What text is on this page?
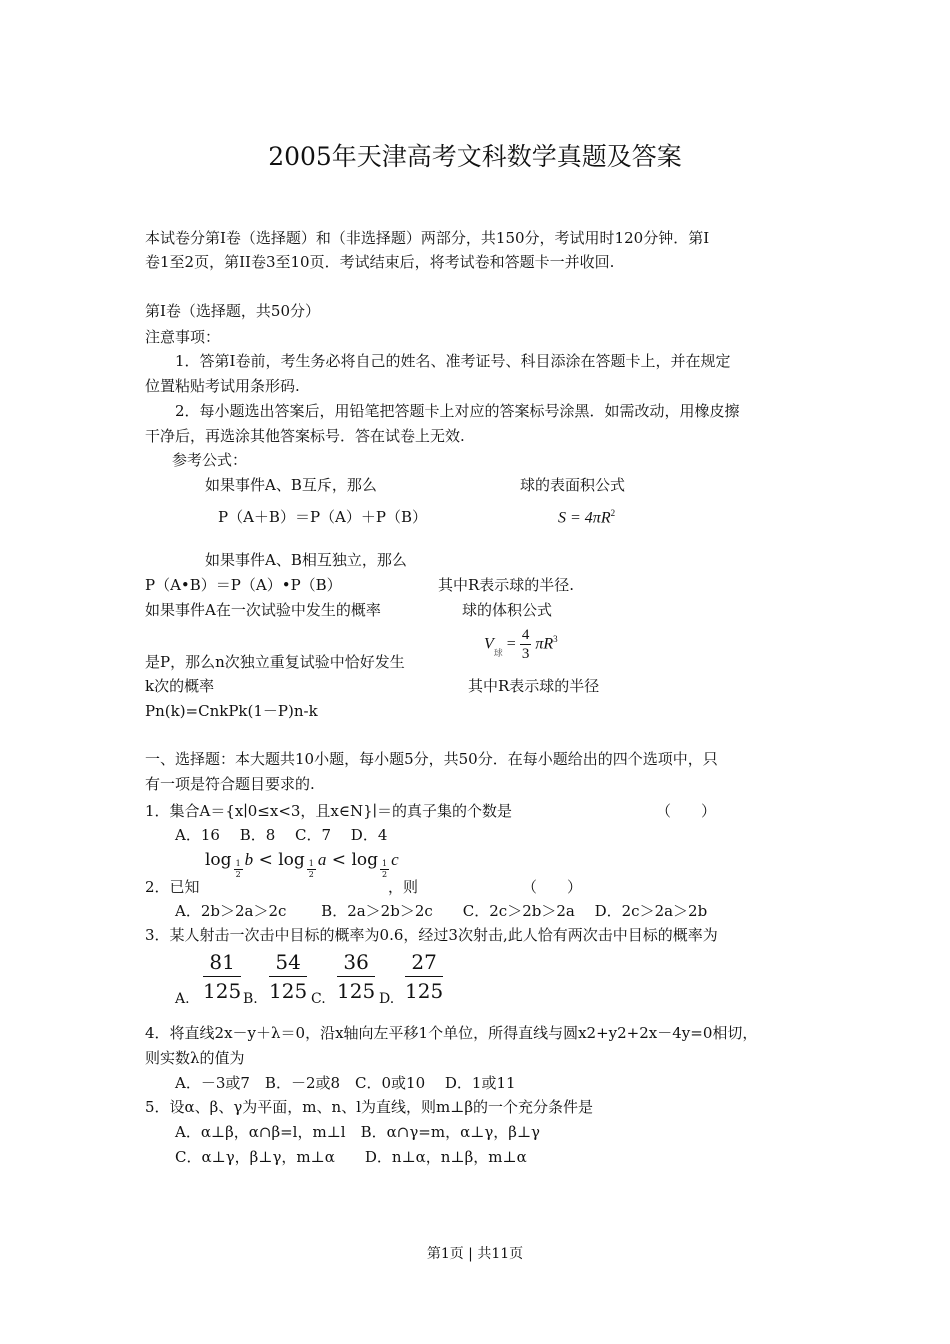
2005年天津高考文科数学真题及答案
本试卷分第Ⅰ卷（选择题）和（非选择题）两部分，共150分，考试用时120分钟．第Ⅰ
卷1至2页，第II卷3至10页．考试结束后，将考试卷和答题卡一并收回.
第Ⅰ卷（选择题，共50分）
注意事项：
1．答第Ⅰ卷前，考生务必将自己的姓名、准考证号、科目添涂在答题卡上，并在规定
位置粘贴考试用条形码.
2．每小题选出答案后，用铅笔把答题卡上对应的答案标号涂黑．如需改动，用橡皮擦
干净后，再选涂其他答案标号．答在试卷上无效.
参考公式：
如果事件A、B互斥，那么	球的表面积公式
P（A＋B）＝P（A）＋P（B）	$S = 4\pi R^2$
如果事件A、B相互独立，那么
P（A•B）＝P（A）•P（B）	其中R表示球的半径.
如果事件A在一次试验中发生的概率	球的体积公式
$V_球 = \frac{4}{3} \pi R^3$
是P，那么n次独立重复试验中恰好发生
k次的概率	其中R表示球的半径
Pn(k)=CnkPk(1－P)n-k
一、选择题：本大题共10小题，每小题5分，共50分．在每小题给出的四个选项中，只
有一项是符合题目要求的.
1．集合A＝{x∣0≤x<3，且x∈N}∣＝的真子集的个数是	（　　）
A．16　 B．8　 C．7　 D．4
$\log \frac{1}{2}$ $b < \log \frac{1}{2}$ $a < \log \frac{1}{2}$ c
2．已知	，则	（　　）
A．2b＞2a＞2c　　 B．2a＞2b＞2c　　C．2c＞2b＞2a　 D．2c＞2a＞2b
3．某人射击一次击中目标的概率为0.6，经过3次射击,此人恰有两次击中目标的概率为
A. $\frac{81}{125} B$. $\frac{54}{125} C$. $\frac{36}{125} D$. $\frac{27}{125}$
4．将直线2x－y＋λ＝0，沿x轴向左平移1个单位，所得直线与圆x2+y2+2x－4y=0相切，
则实数λ的值为
A．－3或7　B．－2或8　C．0或10　 D．1或11
5．设α、β、γ为平面，m、n、l为直线，则m⊥β的一个充分条件是
A．α⊥β，α∩β=l，m⊥l　B．α∩γ=m，α⊥γ，β⊥γ
C．α⊥γ，β⊥γ，m⊥α　　D．n⊥α，n⊥β，m⊥α
第1页 | 共11页
